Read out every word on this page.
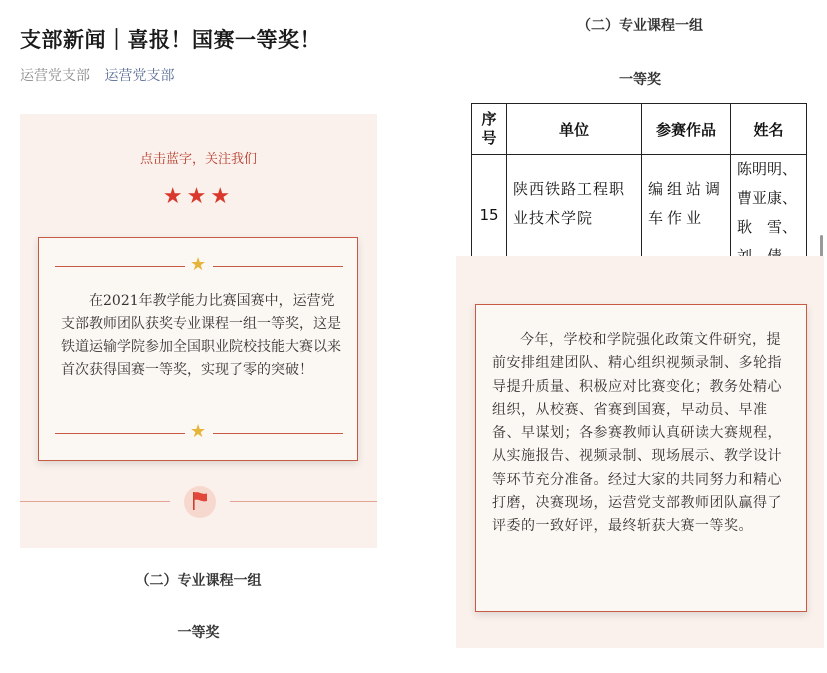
支部新闻｜喜报！国赛一等奖！
运营党支部 运营党支部
点击蓝字，关注我们
★★★
★
在2021年教学能力比赛国赛中，运营党支部教师团队获奖专业课程一组一等奖，这是铁道运输学院参加全国职业院校技能大赛以来首次获得国赛一等奖，实现了零的突破！
★
（二）专业课程一组
一等奖
（二）专业课程一组
一等奖
序号	单位	参赛作品	姓名
15	陕西铁路工程职业技术学院	编组站调车作业	陈明明、曹亚康、耿　雪、　
今年，学校和学院强化政策文件研究，提前安排组建团队、精心组织视频录制、多轮指导提升质量、积极应对比赛变化；教务处精心组织，从校赛、省赛到国赛，早动员、早准备、早谋划；各参赛教师认真研读大赛规程，从实施报告、视频录制、现场展示、教学设计等环节充分准备。经过大家的共同努力和精心打磨，决赛现场，运营党支部教师团队赢得了评委的一致好评，最终斩获大赛一等奖。
